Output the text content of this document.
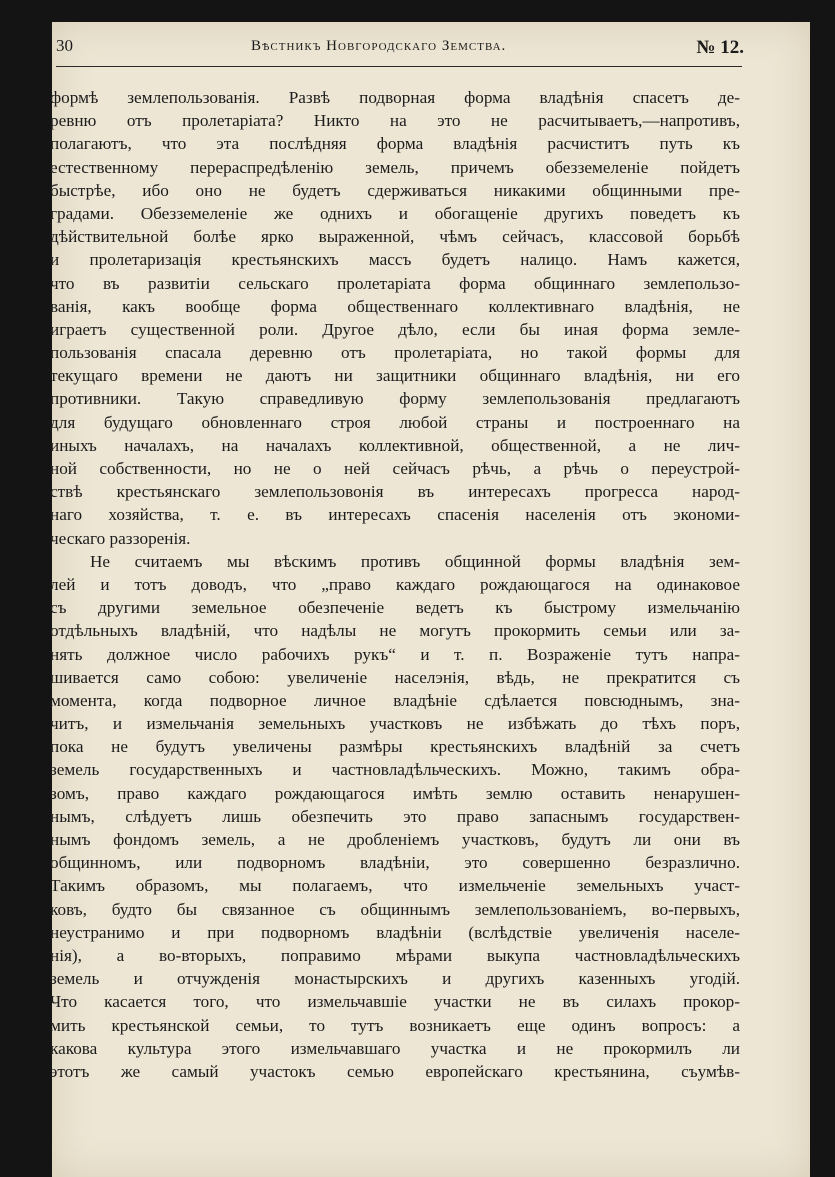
30	Вѣстникъ Новгородскаго Земства.	№ 12.
формѣ землепользованія. Развѣ подворная форма владѣнія спасетъ де-
ревню отъ пролетаріата? Никто на это не расчитываетъ,—напротивъ,
полагаютъ, что эта послѣдняя форма владѣнія расчиститъ путь къ
естественному перераспредѣленію земель, причемъ обезземеленіе пойдетъ
быстрѣе, ибо оно не будетъ сдерживаться никакими общинными пре-
градами. Обезземеленіе же однихъ и обогащеніе другихъ поведетъ къ
дѣйствительной болѣе ярко выраженной, чѣмъ сейчасъ, классовой борьбѣ
и пролетаризація крестьянскихъ массъ будетъ налицо. Намъ кажется,
что въ развитіи сельскаго пролетаріата форма общиннаго землепользо-
ванія, какъ вообще форма общественнаго коллективнаго владѣнія, не
играетъ существенной роли. Другое дѣло, если бы иная форма земле-
пользованія спасала деревню отъ пролетаріата, но такой формы для
текущаго времени не даютъ ни защитники общиннаго владѣнія, ни его
противники. Такую справедливую форму землепользованія предлагаютъ
для будущаго обновленнаго строя любой страны и построеннаго на
иныхъ началахъ, на началахъ коллективной, общественной, а не лич-
ной собственности, но не о ней сейчасъ рѣчь, а рѣчь о переустрой-
ствѣ крестьянскаго землепользовонія въ интересахъ прогресса народ-
наго хозяйства, т. е. въ интересахъ спасенія населенія отъ экономи-
ческаго раззоренія.
Не считаемъ мы вѣскимъ противъ общинной формы владѣнія зем-
лей и тотъ доводъ, что „право каждаго рождающагося на одинаковое
съ другими земельное обезпеченіе ведетъ къ быстрому измельчанію
отдѣльныхъ владѣній, что надѣлы не могутъ прокормить семьи или за-
нять должное число рабочихъ рукъ“ и т. п. Возраженіе тутъ напра-
шивается само собою: увеличеніе населэнія, вѣдь, не прекратится съ
момента, когда подворное личное владѣніе сдѣлается повсюднымъ, зна-
читъ, и измельчанія земельныхъ участковъ не избѣжать до тѣхъ поръ,
пока не будутъ увеличены размѣры крестьянскихъ владѣній за счетъ
земель государственныхъ и частновладѣльческихъ. Можно, такимъ обра-
зомъ, право каждаго рождающагося имѣть землю оставить ненарушен-
нымъ, слѣдуетъ лишь обезпечить это право запаснымъ государствен-
нымъ фондомъ земель, а не дробленіемъ участковъ, будутъ ли они въ
общинномъ, или подворномъ владѣніи, это совершенно безразлично.
Такимъ образомъ, мы полагаемъ, что измельченіе земельныхъ участ-
ковъ, будто бы связанное съ общиннымъ землепользованіемъ, во-первыхъ,
неустранимо и при подворномъ владѣніи (вслѣдствіе увеличенія населе-
нія), а во-вторыхъ, поправимо мѣрами выкупа частновладѣльческихъ
земель и отчужденія монастырскихъ и другихъ казенныхъ угодій.
Что касается того, что измельчавшіе участки не въ силахъ прокор-
мить крестьянской семьи, то тутъ возникаетъ еще одинъ вопросъ: а
какова культура этого измельчавшаго участка и не прокормилъ ли
этотъ же самый участокъ семью европейскаго крестьянина, съумѣв-
